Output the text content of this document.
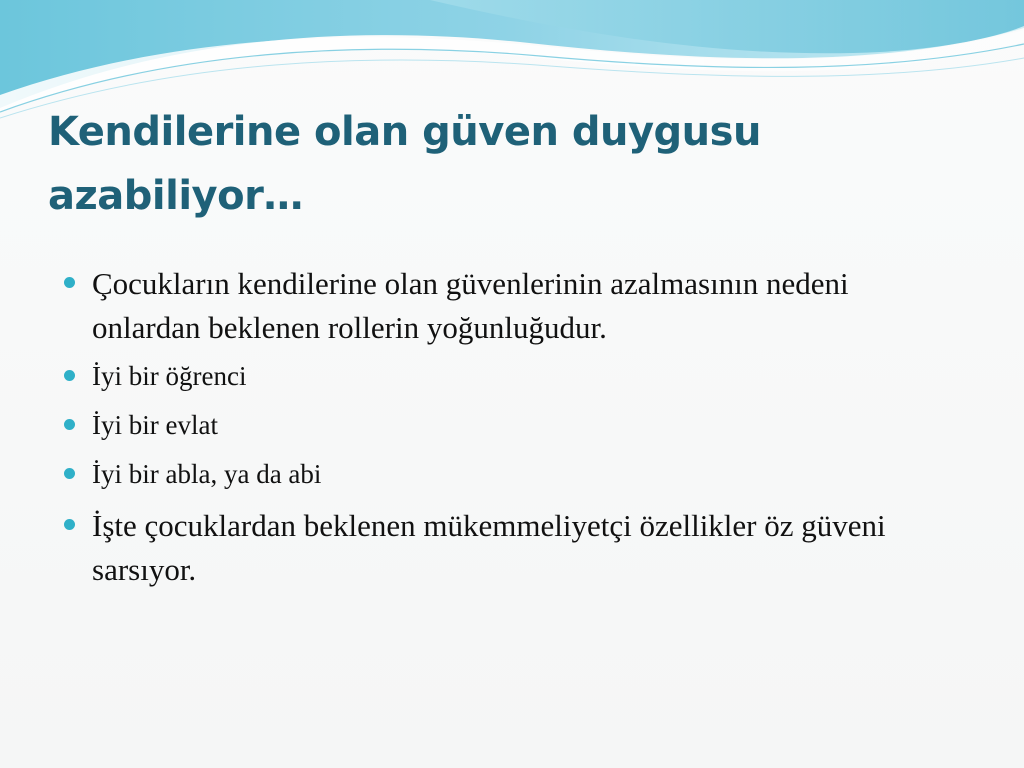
Kendilerine olan güven duygusu azabiliyor…
Çocukların kendilerine olan güvenlerinin azalmasının nedeni onlardan beklenen rollerin yoğunluğudur.
İyi bir öğrenci
İyi bir evlat
İyi bir abla, ya da abi
İşte çocuklardan beklenen mükemmeliyetçi özellikler öz güveni sarsıyor.
